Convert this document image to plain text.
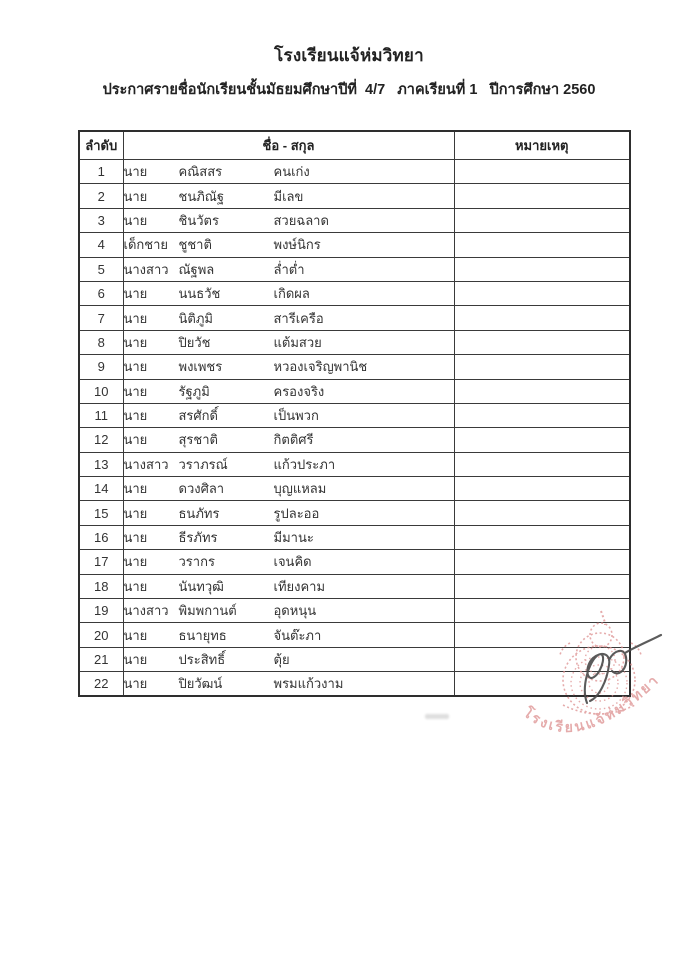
โรงเรียนแจ้ห่มวิทยา
ประกาศรายชื่อนักเรียนชั้นมัธยมศึกษาปีที่  4/7   ภาคเรียนที่ 1   ปีการศึกษา 2560
ลำดับ	ชื่อ - สกุล	หมายเหตุ
1	นาย คณิสสร คนเก่ง	
2	นาย ชนภิณัฐ มีเลข	
3	นาย ชินวัตร สวยฉลาด	
4	เด็กชาย ชูชาติ พงษ์นิกร	
5	นางสาว ณัฐพล ล่ำต่ำ	
6	นาย นนธวัช เกิดผล	
7	นาย นิติภูมิ สารีเครือ	
8	นาย ปิยวัช แต้มสวย	
9	นาย พงเพชร หวองเจริญพานิช	
10	นาย รัฐภูมิ ครองจริง	
11	นาย สรศักดิ์ เป็นพวก	
12	นาย สุรชาติ กิตติศรี	
13	นางสาว วราภรณ์ แก้วประภา	
14	นาย ดวงศิลา บุญแหลม	
15	นาย ธนภัทร รูปละออ	
16	นาย ธีรภัทร มีมานะ	
17	นาย วรากร เจนคิด	
18	นาย นันทวุฒิ เทียงคาม	
19	นางสาว พิมพกานต์ อุดหนุน	
20	นาย ธนายุทธ จันต๊ะภา	
21	นาย ประสิทธิ์ ตุ้ย	
22	นาย ปิยวัฒน์ พรมแก้วงาม	
โรงเรียนแจ้ห่มวิทยา
